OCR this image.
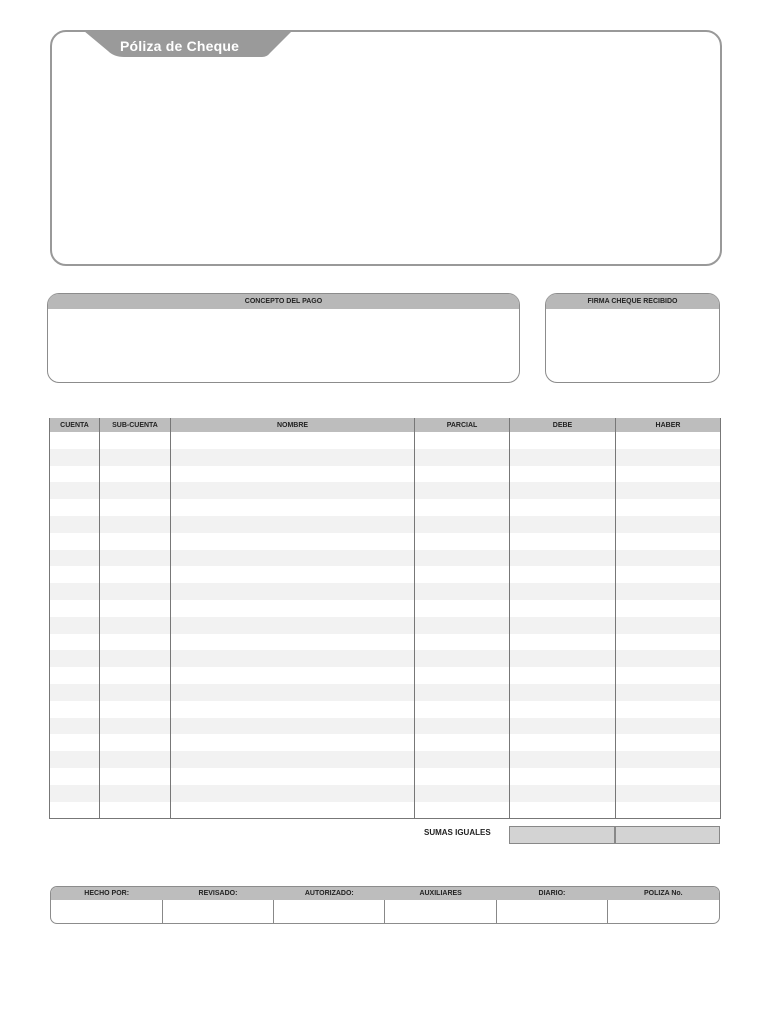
Póliza de Cheque
CONCEPTO DEL PAGO	FIRMA CHEQUE RECIBIDO
CUENTA	SUB-CUENTA	NOMBRE	PARCIAL	DEBE	HABER

SUMAS IGUALES
HECHO POR:	REVISADO:	AUTORIZADO:	AUXILIARES	DIARIO:	POLIZA No.
